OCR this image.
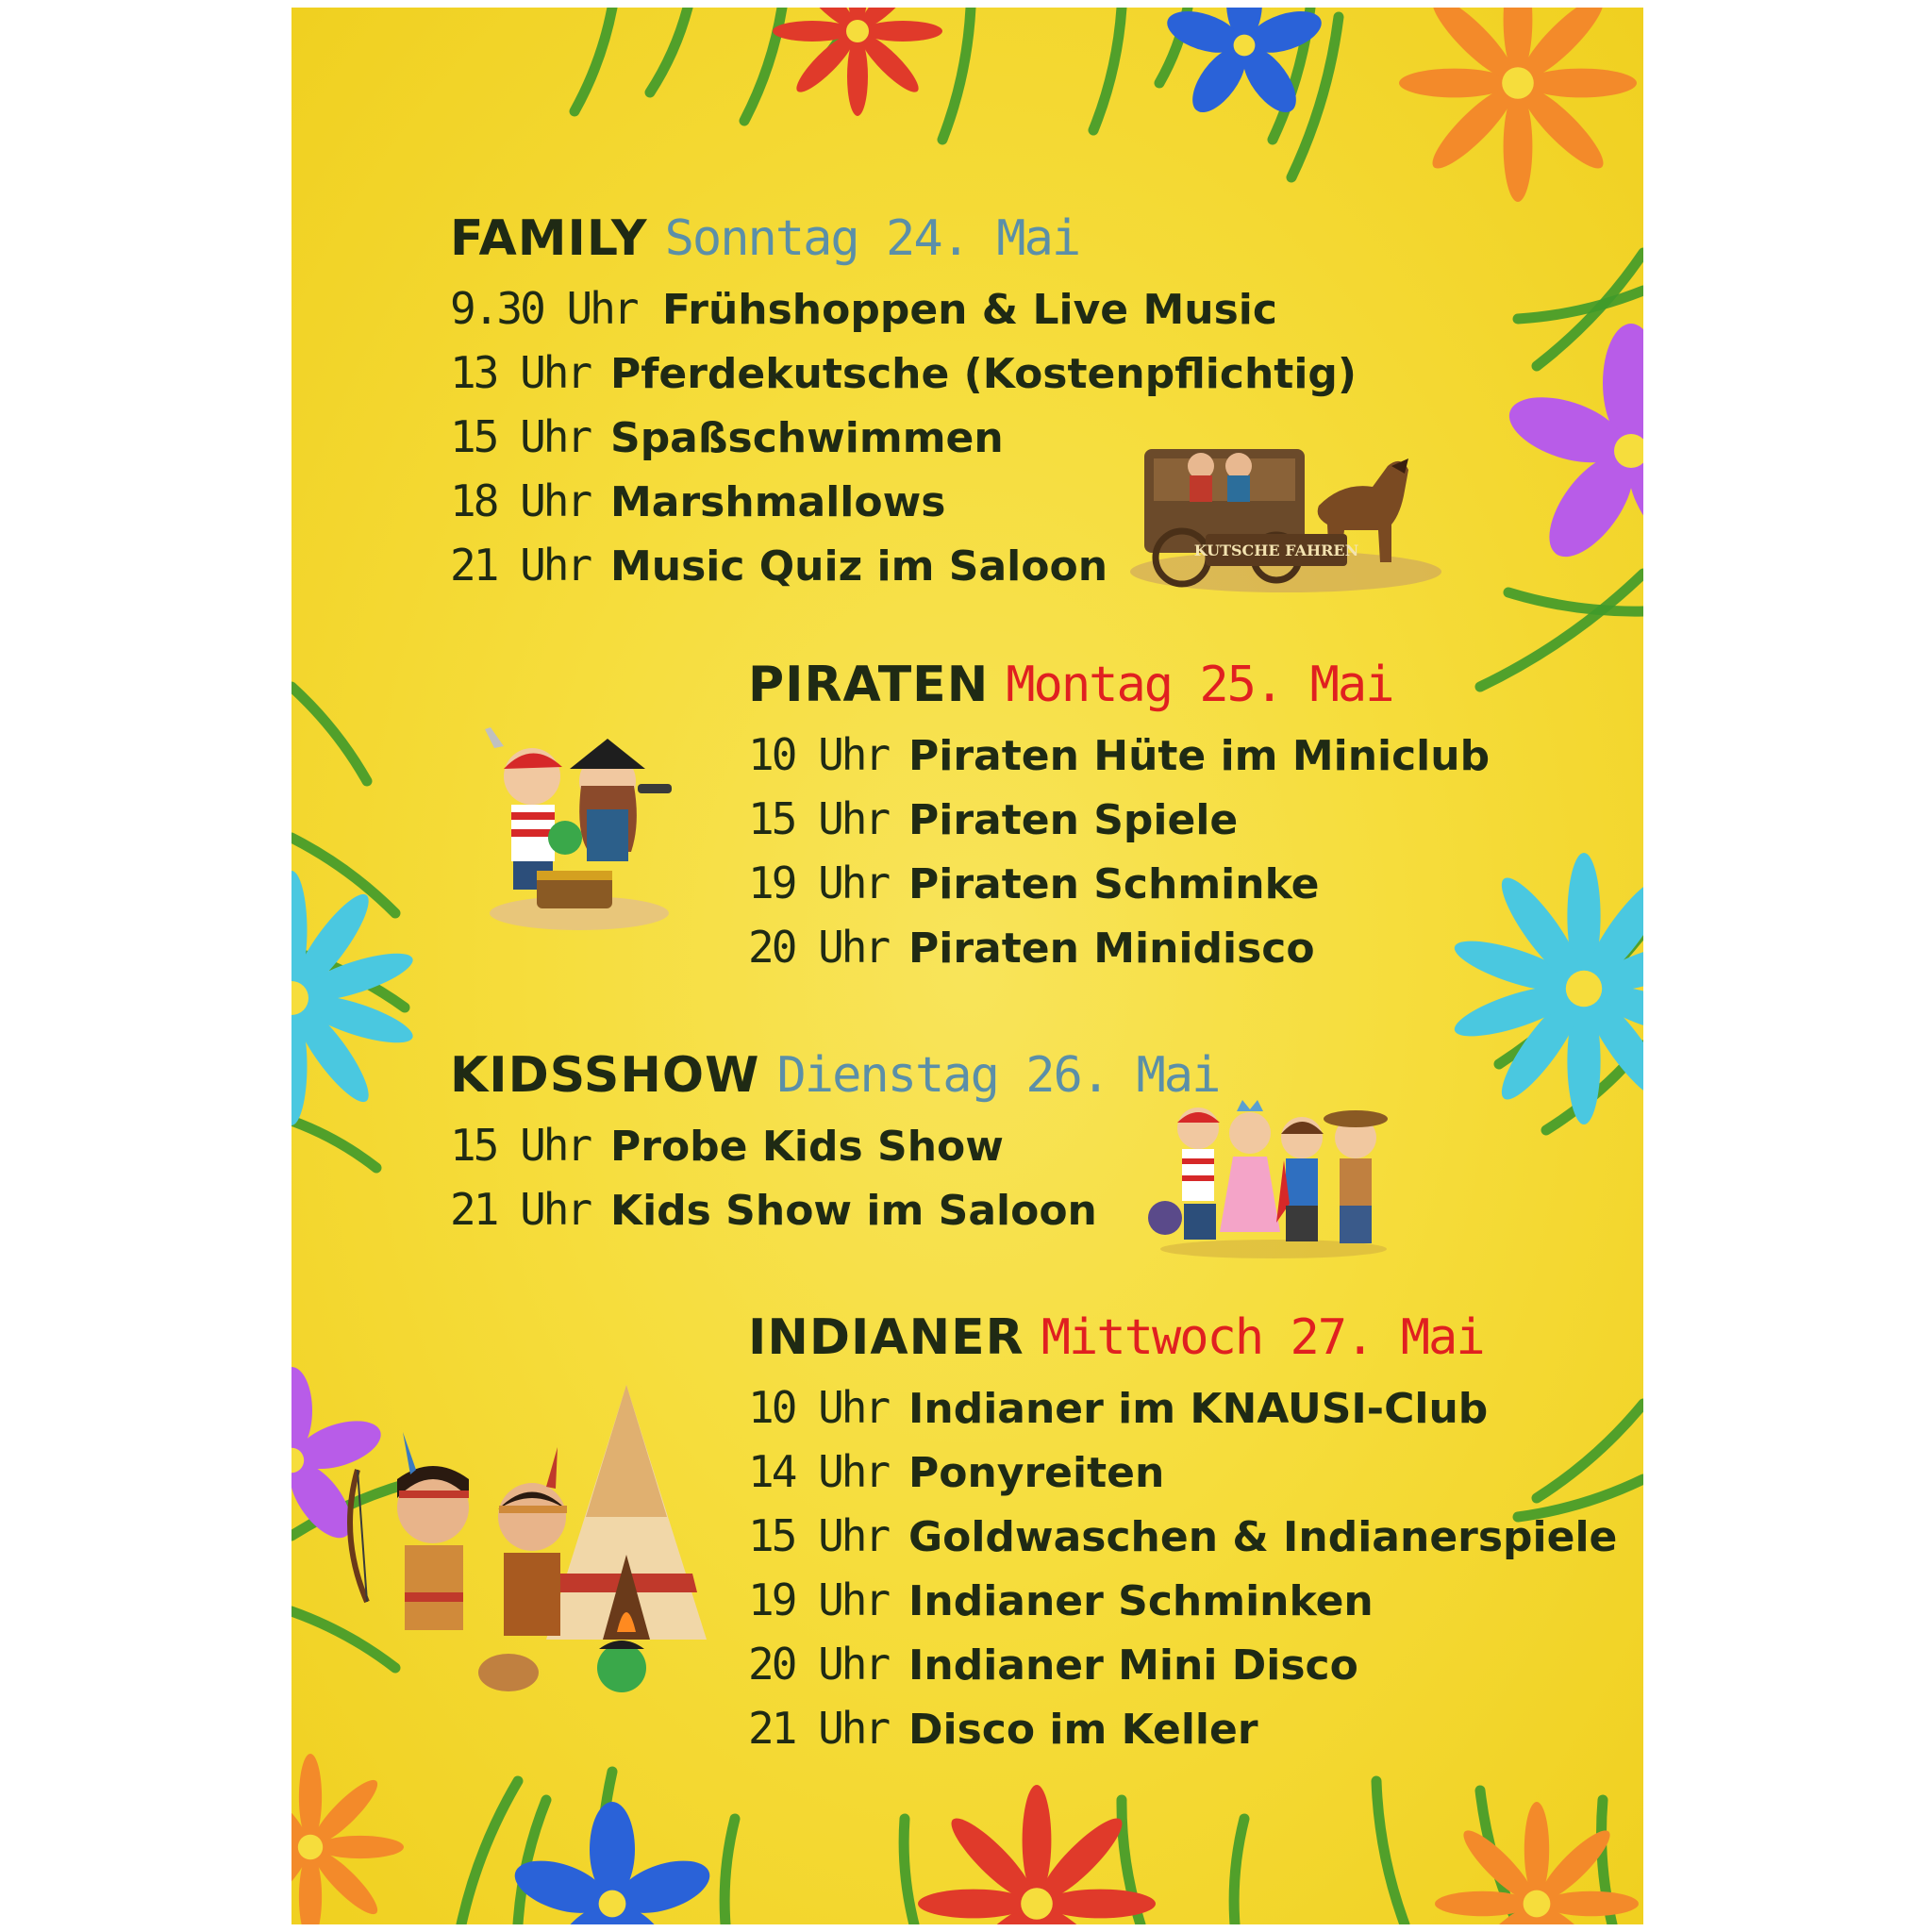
FAMILY Sonntag 24. Mai
9.30 Uhr Frühshoppen & Live Music
13 Uhr Pferdekutsche (Kostenpflichtig)
15 Uhr Spaßschwimmen
18 Uhr Marshmallows
21 Uhr Music Quiz im Saloon
PIRATEN Montag 25. Mai
10 Uhr Piraten Hüte im Miniclub
15 Uhr Piraten Spiele
19 Uhr Piraten Schminke
20 Uhr Piraten Minidisco
KIDSSHOW Dienstag 26. Mai
15 Uhr Probe Kids Show
21 Uhr Kids Show im Saloon
INDIANER Mittwoch 27. Mai
10 Uhr Indianer im KNAUSI-Club
14 Uhr Ponyreiten
15 Uhr Goldwaschen & Indianerspiele
19 Uhr Indianer Schminken
20 Uhr Indianer Mini Disco
21 Uhr Disco im Keller
KUTSCHE FAHREN
